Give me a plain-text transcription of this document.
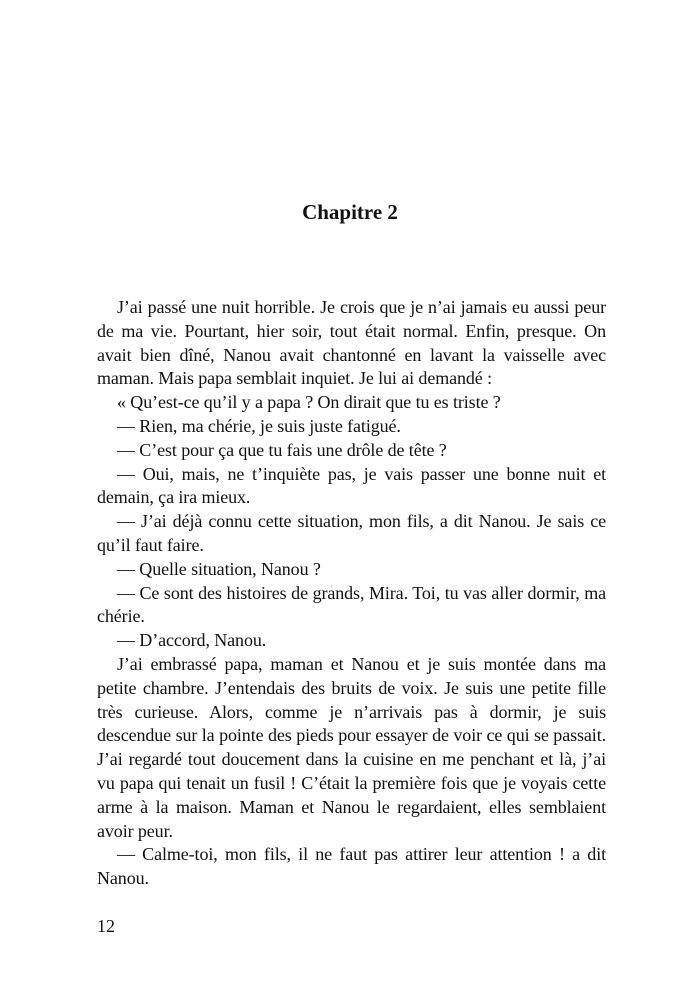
Chapitre 2

J’ai passé une nuit horrible. Je crois que je n’ai jamais eu aussi peur de ma vie. Pourtant, hier soir, tout était normal. Enfin, presque. On avait bien dîné, Nanou avait chantonné en lavant la vaisselle avec maman. Mais papa semblait inquiet. Je lui ai demandé :

« Qu’est-ce qu’il y a papa ? On dirait que tu es triste ?

— Rien, ma chérie, je suis juste fatigué.

— C’est pour ça que tu fais une drôle de tête ?

— Oui, mais, ne t’inquiète pas, je vais passer une bonne nuit et demain, ça ira mieux.

— J’ai déjà connu cette situation, mon fils, a dit Nanou. Je sais ce qu’il faut faire.

— Quelle situation, Nanou ?

— Ce sont des histoires de grands, Mira. Toi, tu vas aller dormir, ma chérie.

— D’accord, Nanou.

J’ai embrassé papa, maman et Nanou et je suis montée dans ma petite chambre. J’entendais des bruits de voix. Je suis une petite fille très curieuse. Alors, comme je n’arrivais pas à dormir, je suis descendue sur la pointe des pieds pour essayer de voir ce qui se passait. J’ai regardé tout doucement dans la cuisine en me penchant et là, j’ai vu papa qui tenait un fusil ! C’était la première fois que je voyais cette arme à la maison. Maman et Nanou le regardaient, elles semblaient avoir peur.

— Calme-toi, mon fils, il ne faut pas attirer leur attention ! a dit Nanou.

12
